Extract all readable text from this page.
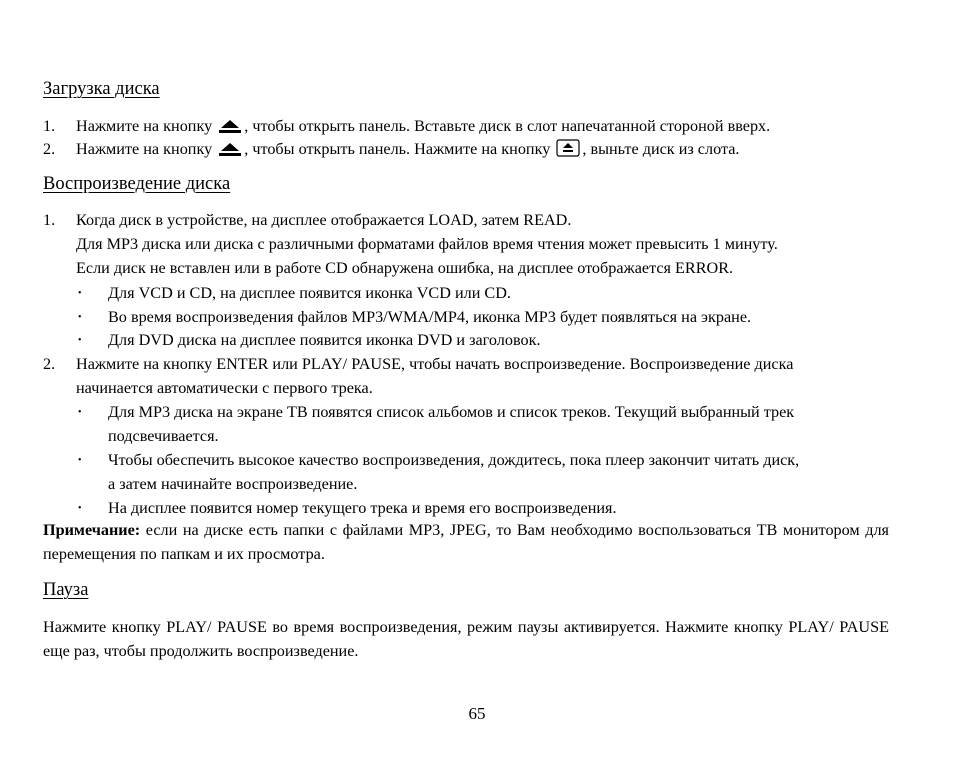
Загрузка диска
1. Нажмите на кнопку , чтобы открыть панель. Вставьте диск в слот напечатанной стороной вверх.
2. Нажмите на кнопку , чтобы открыть панель. Нажмите на кнопку , выньте диск из слота.
Воспроизведение диска
1. Когда диск в устройстве, на дисплее отображается LOAD, затем READ.
Для MP3 диска или диска с различными форматами файлов время чтения может превысить 1 минуту.
Если диск не вставлен или в работе CD обнаружена ошибка, на дисплее отображается ERROR.
• Для VCD и CD, на дисплее появится иконка VCD или CD.
• Во время воспроизведения файлов MP3/WMA/MP4, иконка MP3 будет появляться на экране.
• Для DVD диска на дисплее появится иконка DVD и заголовок.
2. Нажмите на кнопку ENTER или PLAY/ PAUSE, чтобы начать воспроизведение. Воспроизведение диска
начинается автоматически с первого трека.
• Для MP3 диска на экране ТВ появятся список альбомов и список треков. Текущий выбранный трек
подсвечивается.
• Чтобы обеспечить высокое качество воспроизведения, дождитесь, пока плеер закончит читать диск,
а затем начинайте воспроизведение.
• На дисплее появится номер текущего трека и время его воспроизведения.
Примечание: если на диске есть папки с файлами MP3, JPEG, то Вам необходимо воспользоваться ТВ монитором для перемещения по папкам и их просмотра.
Пауза
Нажмите кнопку PLAY/ PAUSE во время воспроизведения, режим паузы активируется. Нажмите кнопку PLAY/ PAUSE еще раз, чтобы продолжить воспроизведение.
65
